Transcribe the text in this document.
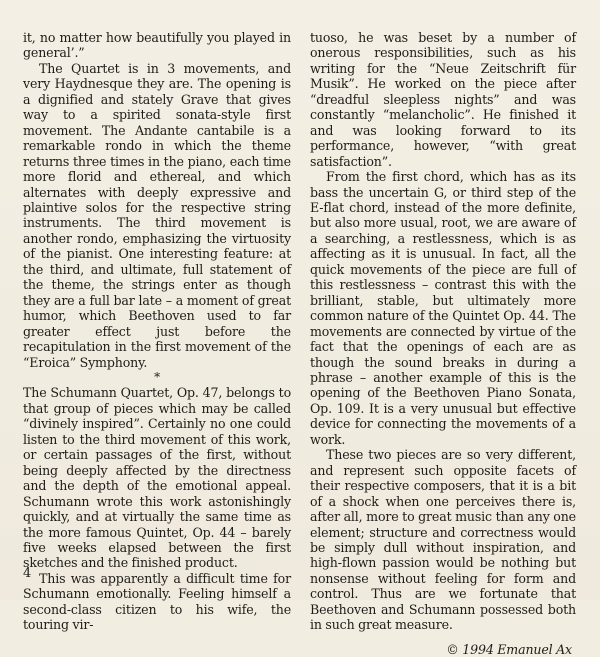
it, no matter how beautifully you played in general’.”

The Quartet is in 3 movements, and very Haydnesque they are. The opening is a dignified and stately Grave that gives way to a spirited sonata-style first movement. The Andante cantabile is a remarkable rondo in which the theme returns three times in the piano, each time more florid and ethereal, and which alternates with deeply expressive and plaintive solos for the respective string instruments. The third movement is another rondo, emphasizing the virtuosity of the pianist. One interesting feature: at the third, and ultimate, full statement of the theme, the strings enter as though they are a full bar late – a moment of great humor, which Beethoven used to far greater effect just before the recapitulation in the first movement of the “Eroica” Symphony.

*

The Schumann Quartet, Op. 47, belongs to that group of pieces which may be called “divinely inspired”. Certainly no one could listen to the third movement of this work, or certain passages of the first, without being deeply affected by the directness and the depth of the emotional appeal. Schumann wrote this work astonishingly quickly, and at virtually the same time as the more famous Quintet, Op. 44 – barely five weeks elapsed between the first sketches and the finished product.

This was apparently a difficult time for Schumann emotionally. Feeling himself a second-class citizen to his wife, the touring vir-

tuoso, he was beset by a number of onerous responsibilities, such as his writing for the “Neue Zeitschrift für Musik”. He worked on the piece after “dreadful sleepless nights” and was constantly “melancholic”. He finished it and was looking forward to its performance, however, “with great satisfaction”.

From the first chord, which has as its bass the uncertain G, or third step of the E-flat chord, instead of the more definite, but also more usual, root, we are aware of a searching, a restlessness, which is as affecting as it is unusual. In fact, all the quick movements of the piece are full of this restlessness – contrast this with the brilliant, stable, but ultimately more common nature of the Quintet Op. 44. The movements are connected by virtue of the fact that the openings of each are as though the sound breaks in during a phrase – another example of this is the opening of the Beethoven Piano Sonata, Op. 109. It is a very unusual but effective device for connecting the movements of a work.

These two pieces are so very different, and represent such opposite facets of their respective composers, that it is a bit of a shock when one perceives there is, after all, more to great music than any one element; structure and correctness would be simply dull without inspiration, and high-flown passion would be nothing but nonsense without feeling for form and control. Thus are we fortunate that Beethoven and Schumann possessed both in such great measure.

© 1994 Emanuel Ax

4
